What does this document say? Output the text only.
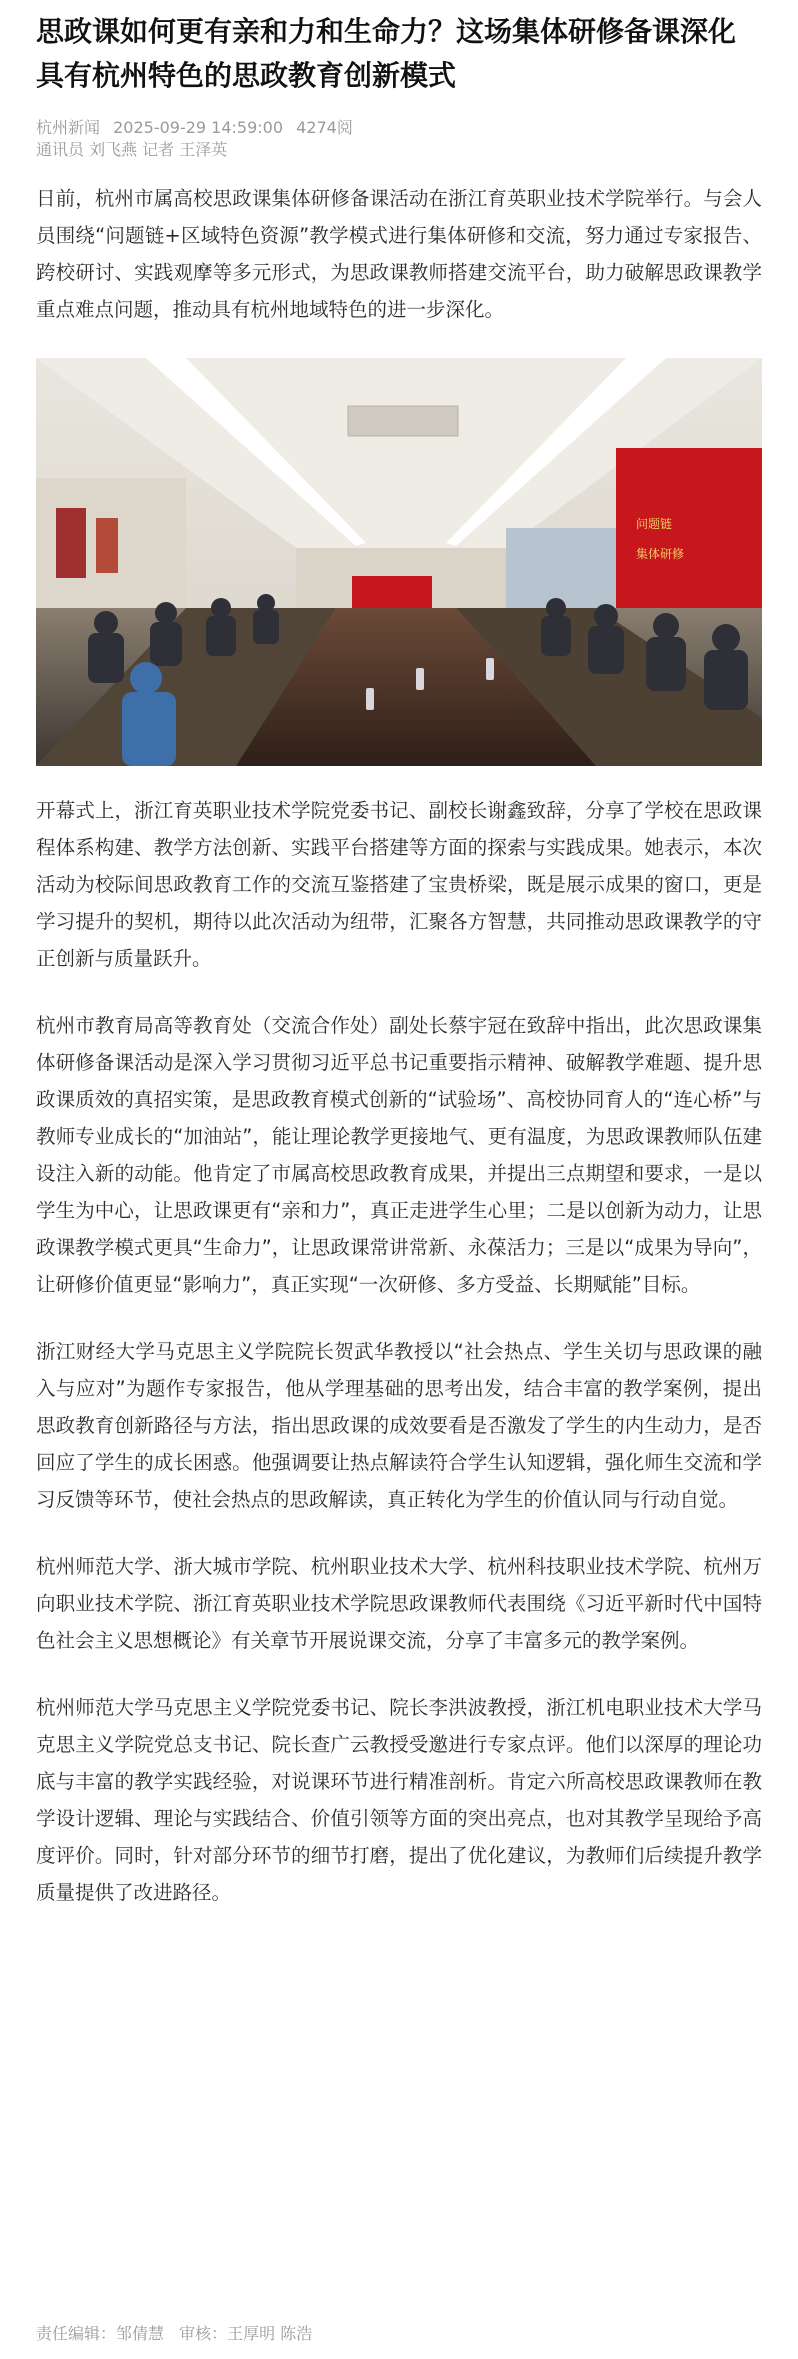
思政课如何更有亲和力和生命力？这场集体研修备课深化具有杭州特色的思政教育创新模式
杭州新闻 2025-09-29 14:59:00 4274阅
通讯员 刘飞燕 记者 王泽英

日前，杭州市属高校思政课集体研修备课活动在浙江育英职业技术学院举行。与会人员围绕“问题链+区域特色资源”教学模式进行集体研修和交流，努力通过专家报告、跨校研讨、实践观摩等多元形式，为思政课教师搭建交流平台，助力破解思政课教学重点难点问题，推动具有杭州地域特色的进一步深化。

问题链
集体研修

开幕式上，浙江育英职业技术学院党委书记、副校长谢鑫致辞，分享了学校在思政课程体系构建、教学方法创新、实践平台搭建等方面的探索与实践成果。她表示，本次活动为校际间思政教育工作的交流互鉴搭建了宝贵桥梁，既是展示成果的窗口，更是学习提升的契机，期待以此次活动为纽带，汇聚各方智慧，共同推动思政课教学的守正创新与质量跃升。

杭州市教育局高等教育处（交流合作处）副处长蔡宇冠在致辞中指出，此次思政课集体研修备课活动是深入学习贯彻习近平总书记重要指示精神、破解教学难题、提升思政课质效的真招实策，是思政教育模式创新的“试验场”、高校协同育人的“连心桥”与教师专业成长的“加油站”，能让理论教学更接地气、更有温度，为思政课教师队伍建设注入新的动能。他肯定了市属高校思政教育成果，并提出三点期望和要求，一是以学生为中心，让思政课更有“亲和力”，真正走进学生心里；二是以创新为动力，让思政课教学模式更具“生命力”，让思政课常讲常新、永葆活力；三是以“成果为导向”，让研修价值更显“影响力”，真正实现“一次研修、多方受益、长期赋能”目标。

浙江财经大学马克思主义学院院长贺武华教授以“社会热点、学生关切与思政课的融入与应对”为题作专家报告，他从学理基础的思考出发，结合丰富的教学案例，提出思政教育创新路径与方法，指出思政课的成效要看是否激发了学生的内生动力，是否回应了学生的成长困惑。他强调要让热点解读符合学生认知逻辑，强化师生交流和学习反馈等环节，使社会热点的思政解读，真正转化为学生的价值认同与行动自觉。

杭州师范大学、浙大城市学院、杭州职业技术大学、杭州科技职业技术学院、杭州万向职业技术学院、浙江育英职业技术学院思政课教师代表围绕《习近平新时代中国特色社会主义思想概论》有关章节开展说课交流，分享了丰富多元的教学案例。

杭州师范大学马克思主义学院党委书记、院长李洪波教授，浙江机电职业技术大学马克思主义学院党总支书记、院长查广云教授受邀进行专家点评。他们以深厚的理论功底与丰富的教学实践经验，对说课环节进行精准剖析。肯定六所高校思政课教师在教学设计逻辑、理论与实践结合、价值引领等方面的突出亮点，也对其教学呈现给予高度评价。同时，针对部分环节的细节打磨，提出了优化建议，为教师们后续提升教学质量提供了改进路径。

责任编辑：邹倩慧 审核：王厚明 陈浩
